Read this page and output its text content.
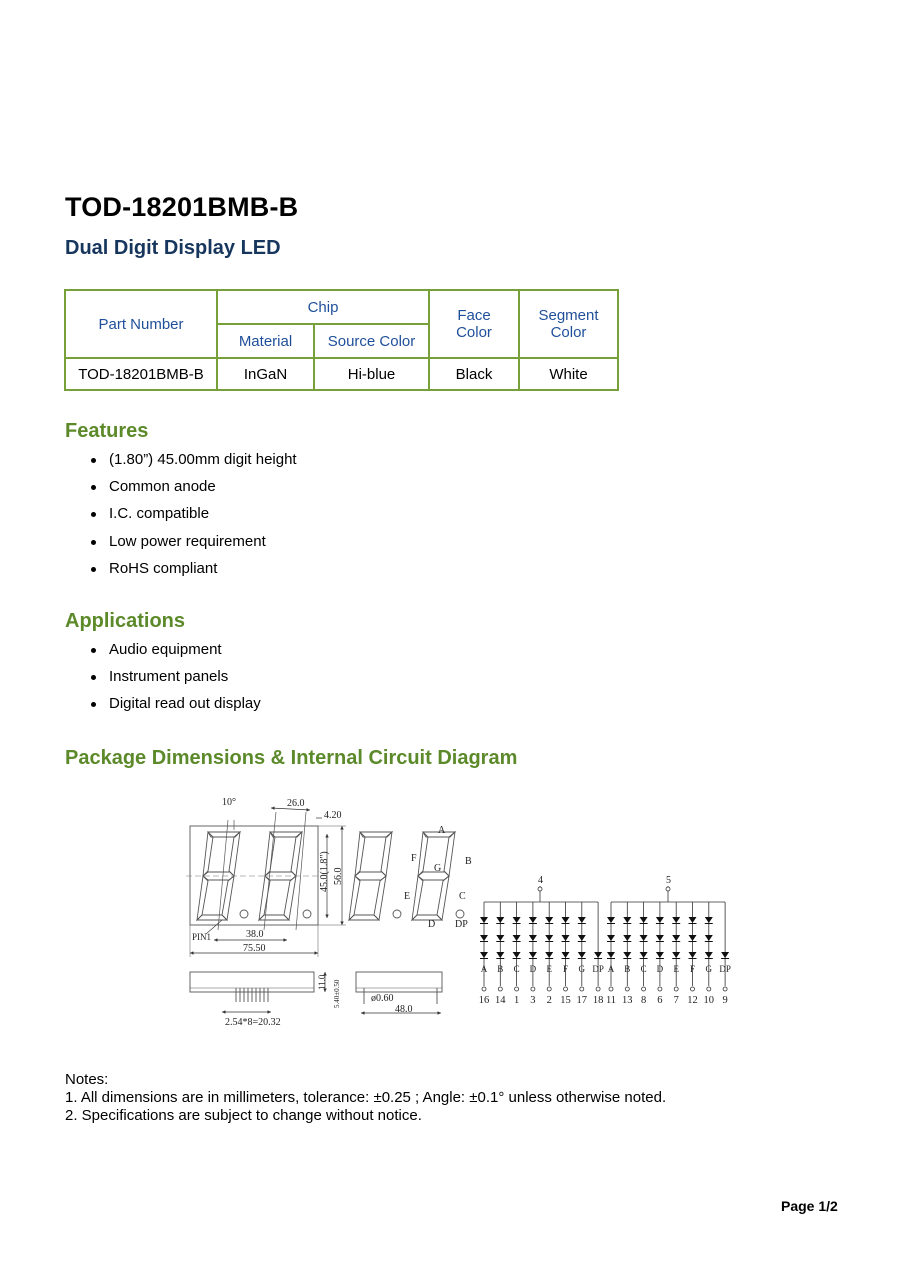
TOD-18201BMB-B
Dual Digit Display LED
Part Number	Chip		Face Color	Segment Color
	Material	Source Color		
TOD-18201BMB-B	InGaN	Hi-blue	Black	White
Features
(1.80”) 45.00mm digit height
Common anode
I.C. compatible
Low power requirement
RoHS compliant
Applications
Audio equipment
Instrument panels
Digital read out display
Package Dimensions & Internal Circuit Diagram
10°	26.0
4.20
45.0(1.8") 56.0
38.0
75.50
PIN1
A
B
C
D
E
F
G
DP
2.54*8=20.32
11.0 5.40±0.50	ø0.60
48.0
4	5
A
16
B
14
C
1
D
3
E
2
F
15
G
17
DP
18
A
11
B
13
C
8
D
6
E
7
F
12
G
10
DP
9
Notes:
1. All dimensions are in millimeters, tolerance: ±0.25 ; Angle: ±0.1° unless otherwise noted.
2. Specifications are subject to change without notice.
Page 1/2
